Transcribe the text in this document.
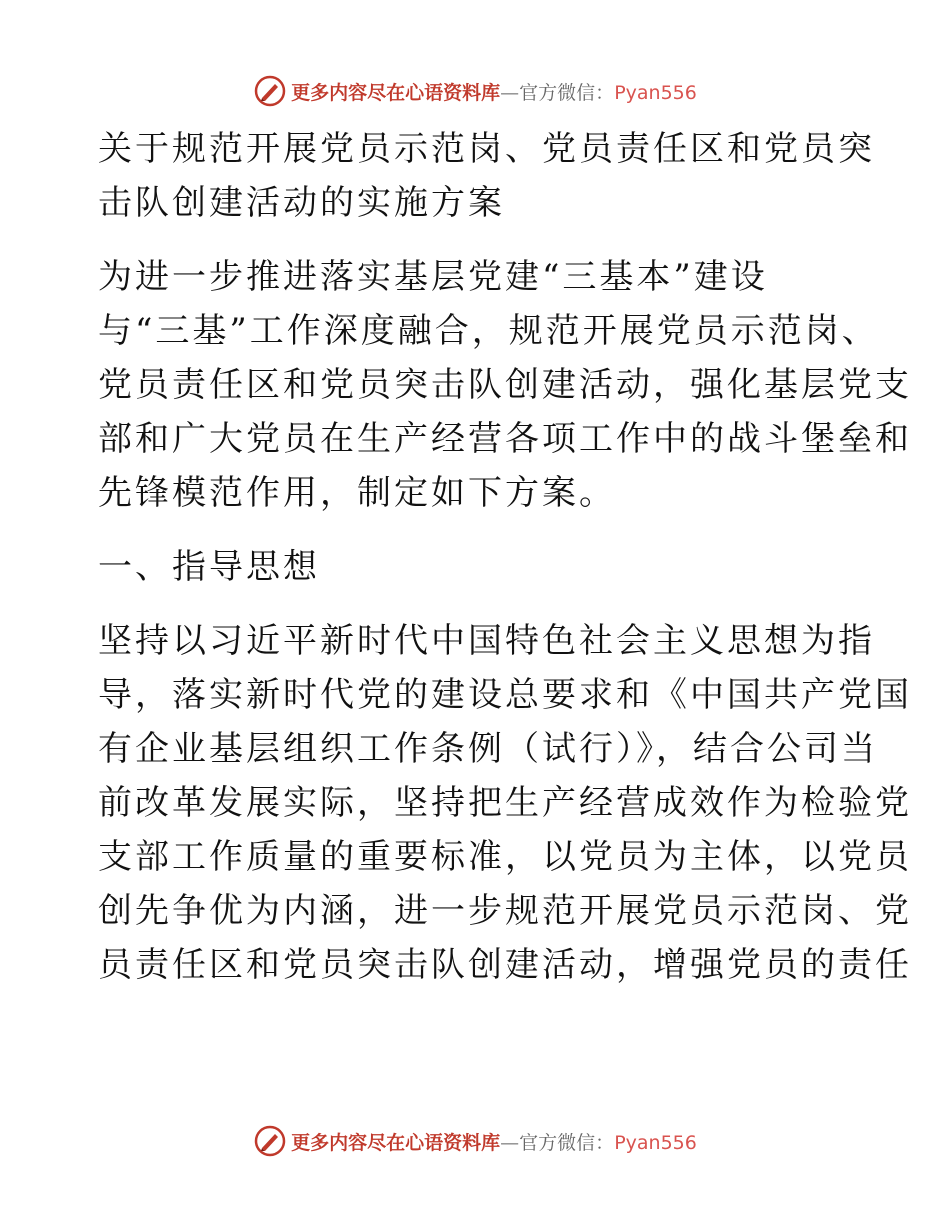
更多内容尽在心语资料库—官方微信：Pyan556
关于规范开展党员示范岗、党员责任区和党员突
击队创建活动的实施方案
为进一步推进落实基层党建“三基本”建设
与“三基”工作深度融合，规范开展党员示范岗、
党员责任区和党员突击队创建活动，强化基层党支
部和广大党员在生产经营各项工作中的战斗堡垒和
先锋模范作用，制定如下方案。
一、指导思想
坚持以习近平新时代中国特色社会主义思想为指
导，落实新时代党的建设总要求和《中国共产党国
有企业基层组织工作条例（试行）》，结合公司当
前改革发展实际，坚持把生产经营成效作为检验党
支部工作质量的重要标准，以党员为主体，以党员
创先争优为内涵，进一步规范开展党员示范岗、党
员责任区和党员突击队创建活动，增强党员的责任
更多内容尽在心语资料库—官方微信：Pyan556
